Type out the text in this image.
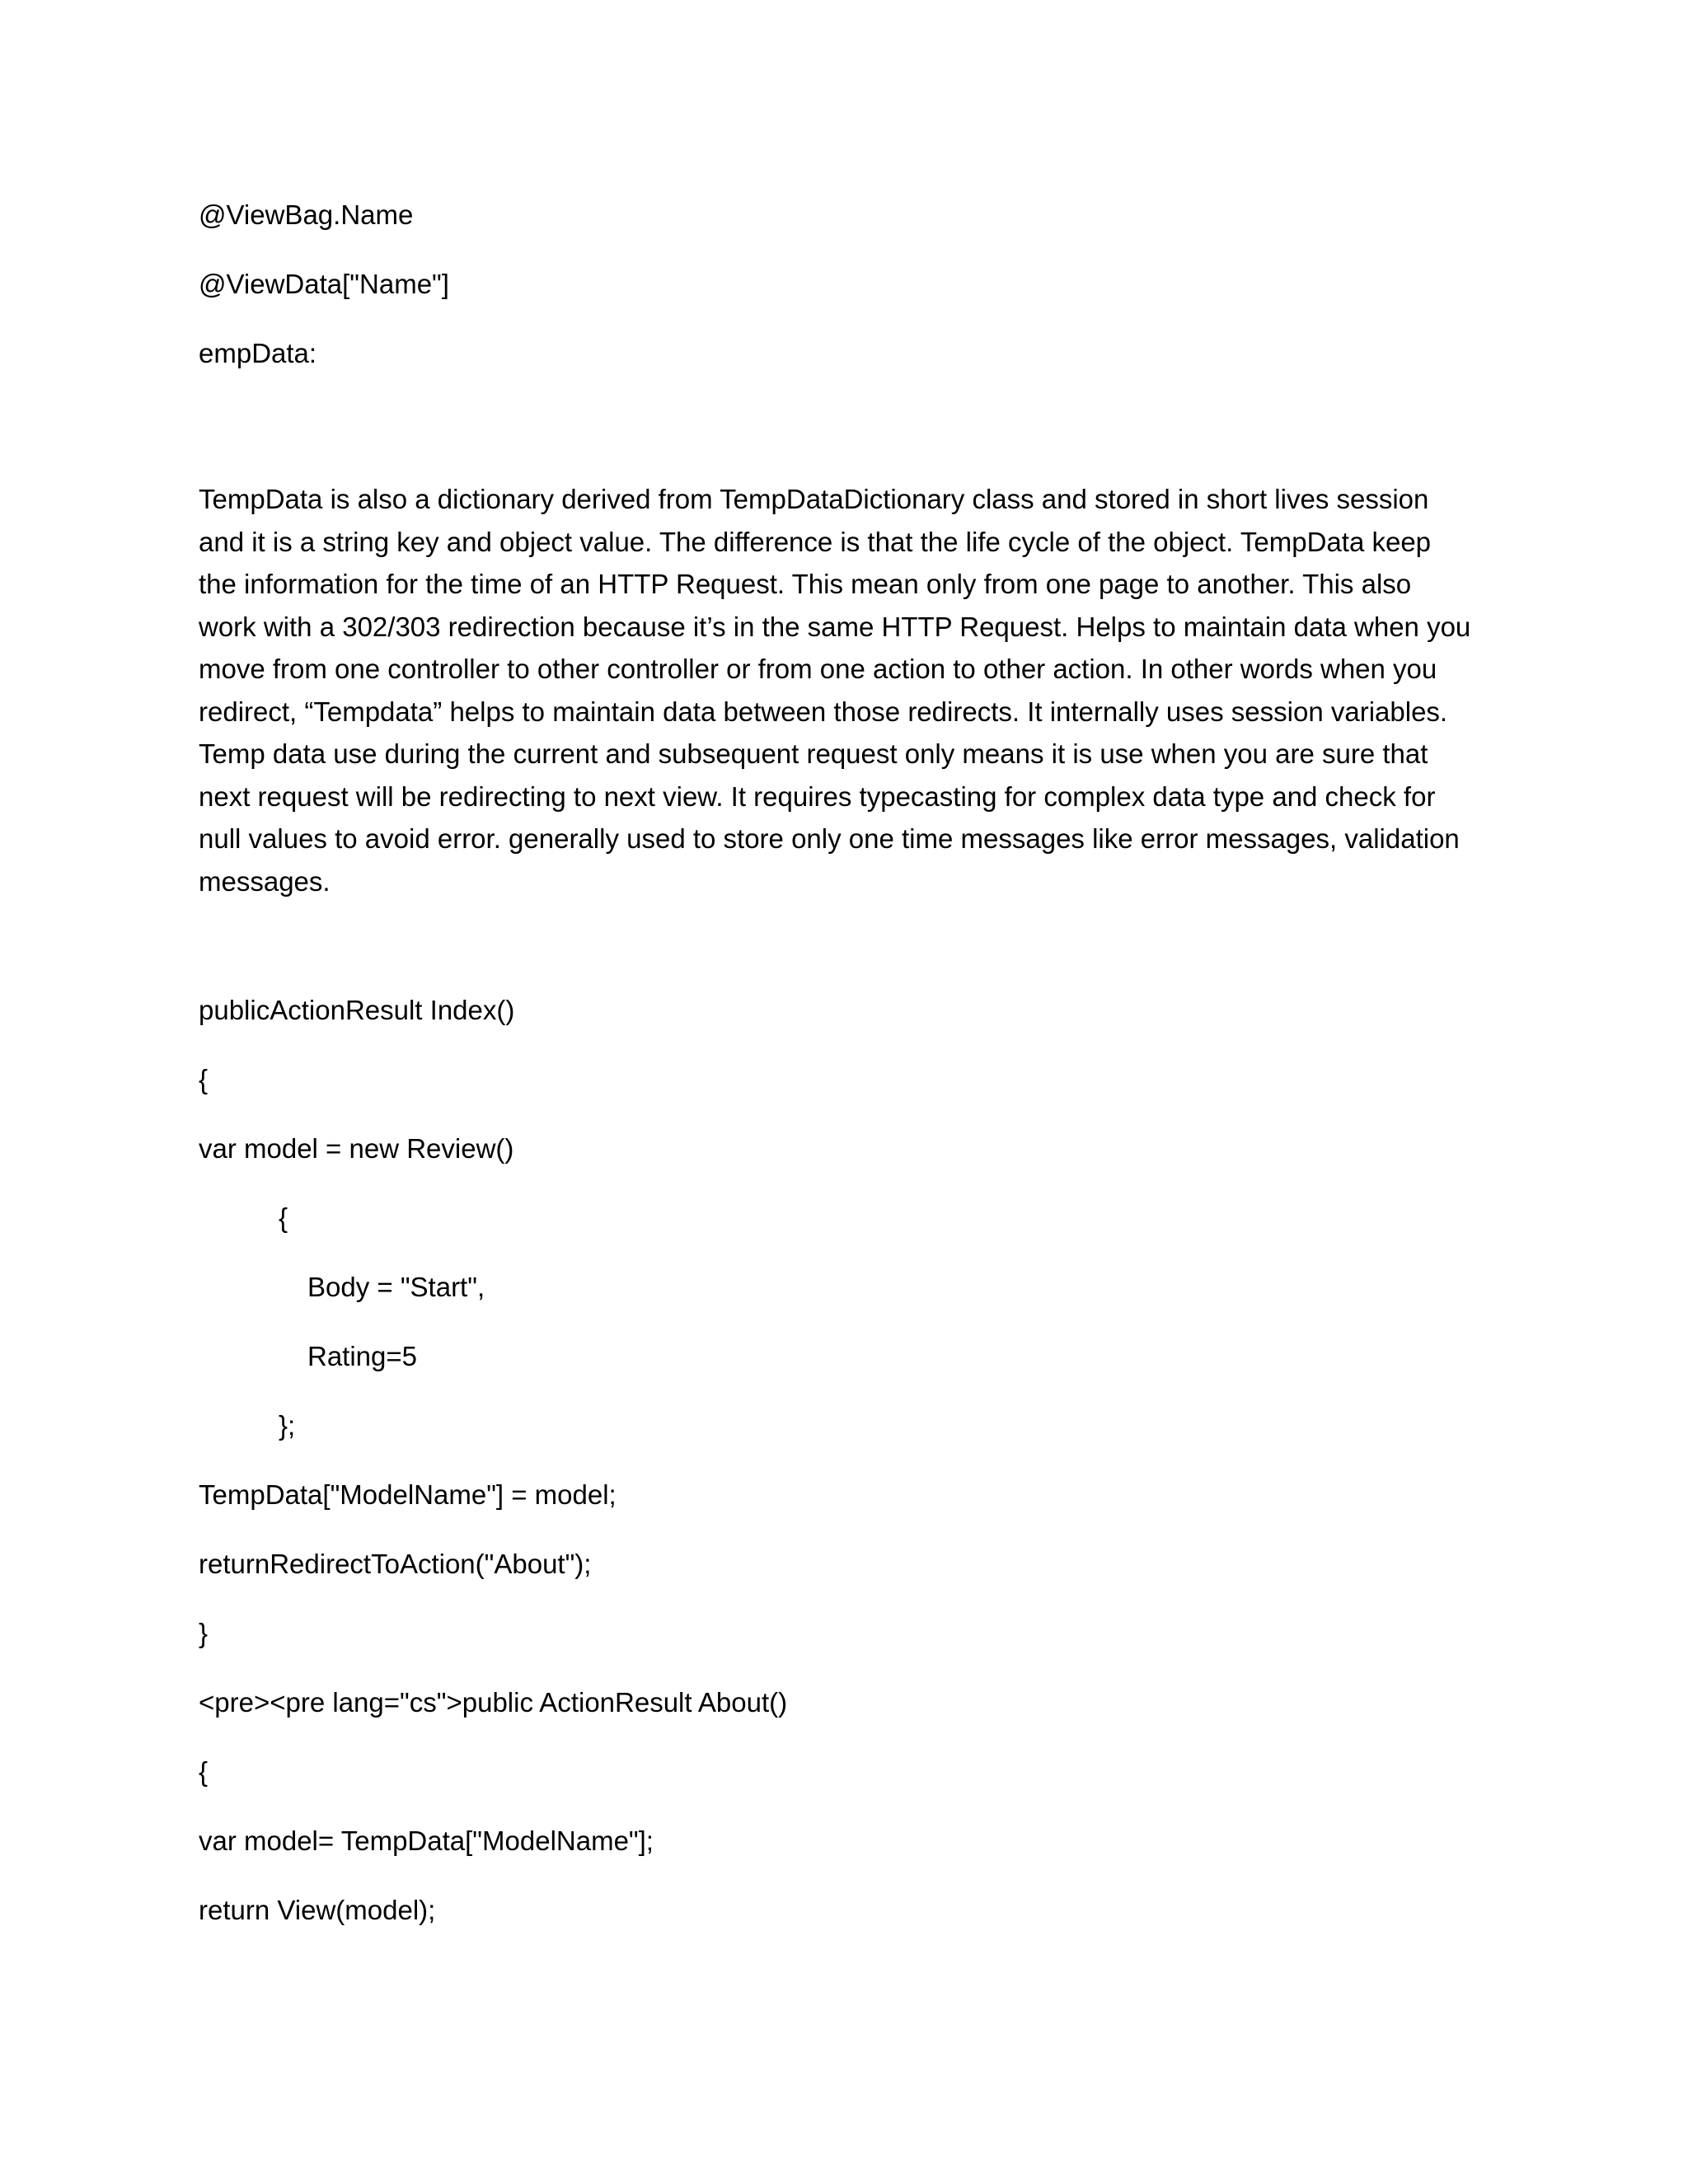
@ViewBag.Name
@ViewData["Name"]
empData:
TempData is also a dictionary derived from TempDataDictionary class and stored in short lives session and it is a string key and object value. The difference is that the life cycle of the object. TempData keep the information for the time of an HTTP Request. This mean only from one page to another. This also work with a 302/303 redirection because it’s in the same HTTP Request. Helps to maintain data when you move from one controller to other controller or from one action to other action. In other words when you redirect, “Tempdata” helps to maintain data between those redirects. It internally uses session variables. Temp data use during the current and subsequent request only means it is use when you are sure that next request will be redirecting to next view. It requires typecasting for complex data type and check for null values to avoid error. generally used to store only one time messages like error messages, validation messages.
publicActionResult Index()
{
var model = new Review()
{
Body = "Start",
Rating=5
};
TempData["ModelName"] = model;
returnRedirectToAction("About");
}
<pre><pre lang="cs">public ActionResult About()
{
var model= TempData["ModelName"];
return View(model);
